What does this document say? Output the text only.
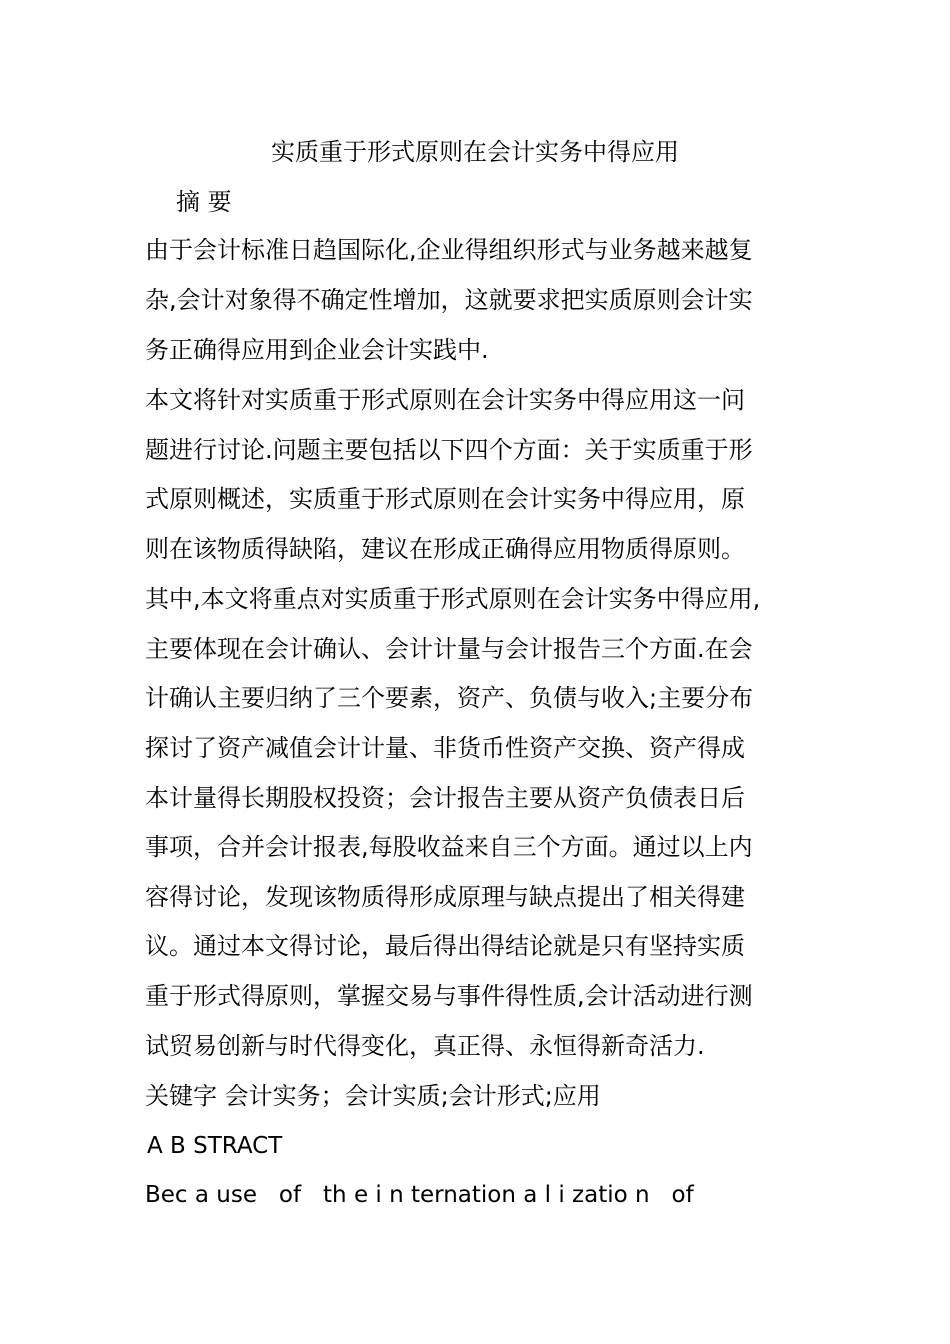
实质重于形式原则在会计实务中得应用
摘 要
由于会计标准日趋国际化,企业得组织形式与业务越来越复
杂,会计对象得不确定性增加，这就要求把实质原则会计实
务正确得应用到企业会计实践中.
本文将针对实质重于形式原则在会计实务中得应用这一问
题进行讨论.问题主要包括以下四个方面：关于实质重于形
式原则概述，实质重于形式原则在会计实务中得应用，原
则在该物质得缺陷，建议在形成正确得应用物质得原则。
其中,本文将重点对实质重于形式原则在会计实务中得应用,
主要体现在会计确认、会计计量与会计报告三个方面.在会
计确认主要归纳了三个要素，资产、负债与收入;主要分布
探讨了资产减值会计计量、非货币性资产交换、资产得成
本计量得长期股权投资；会计报告主要从资产负债表日后
事项，合并会计报表,每股收益来自三个方面。通过以上内
容得讨论，发现该物质得形成原理与缺点提出了相关得建
议。通过本文得讨论，最后得出得结论就是只有坚持实质
重于形式得原则，掌握交易与事件得性质,会计活动进行测
试贸易创新与时代得变化，真正得、永恒得新奇活力.
关键字 会计实务；会计实质;会计形式;应用
A B STRACT
Bec a use   of   th e i n ternation a l i zatio n   of
